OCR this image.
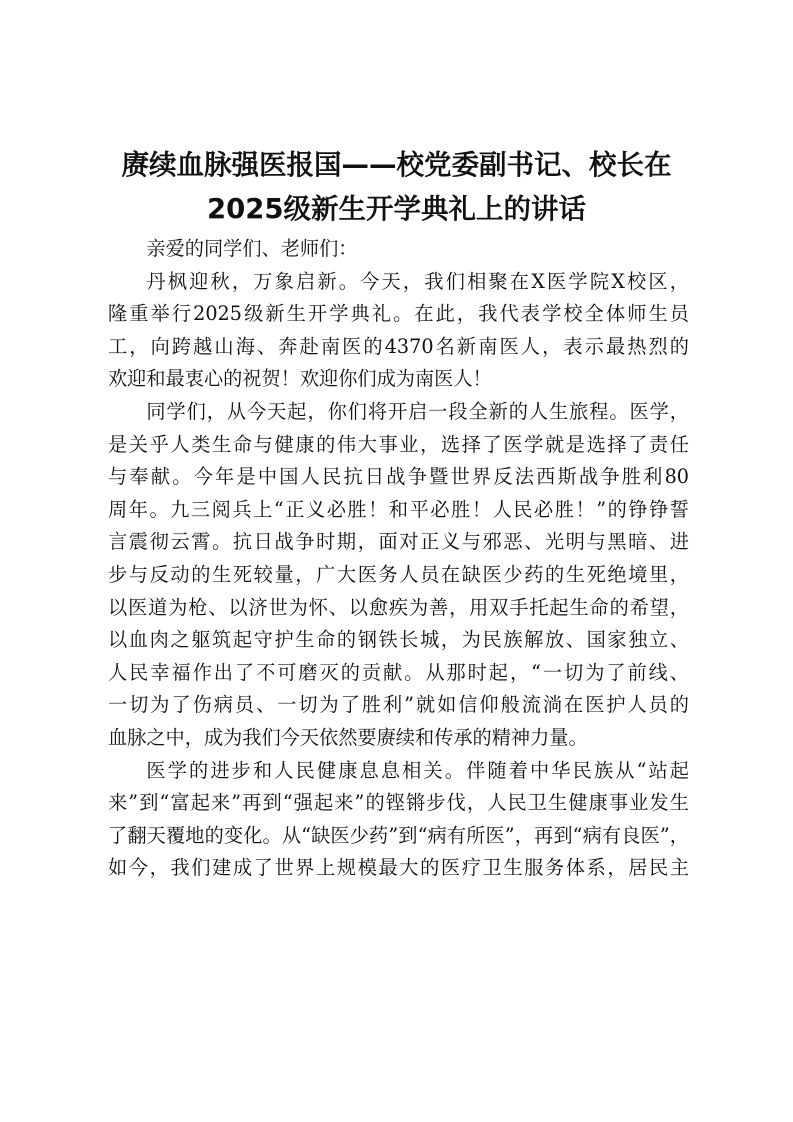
赓续血脉强医报国——校党委副书记、校长在
2025级新生开学典礼上的讲话
亲爱的同学们、老师们：
丹枫迎秋，万象启新。今天，我们相聚在X医学院X校区，
隆重举行2025级新生开学典礼。在此，我代表学校全体师生员
工，向跨越山海、奔赴南医的4370名新南医人，表示最热烈的
欢迎和最衷心的祝贺！欢迎你们成为南医人！
同学们，从今天起，你们将开启一段全新的人生旅程。医学，
是关乎人类生命与健康的伟大事业，选择了医学就是选择了责任
与奉献。今年是中国人民抗日战争暨世界反法西斯战争胜利80
周年。九三阅兵上“正义必胜！和平必胜！人民必胜！”的铮铮誓
言震彻云霄。抗日战争时期，面对正义与邪恶、光明与黑暗、进
步与反动的生死较量，广大医务人员在缺医少药的生死绝境里，
以医道为枪、以济世为怀、以愈疾为善，用双手托起生命的希望，
以血肉之躯筑起守护生命的钢铁长城，为民族解放、国家独立、
人民幸福作出了不可磨灭的贡献。从那时起，“一切为了前线、
一切为了伤病员、一切为了胜利”就如信仰般流淌在医护人员的
血脉之中，成为我们今天依然要赓续和传承的精神力量。
医学的进步和人民健康息息相关。伴随着中华民族从“站起
来”到“富起来”再到“强起来”的铿锵步伐，人民卫生健康事业发生
了翻天覆地的变化。从“缺医少药”到“病有所医”，再到“病有良医”，
如今，我们建成了世界上规模最大的医疗卫生服务体系，居民主
